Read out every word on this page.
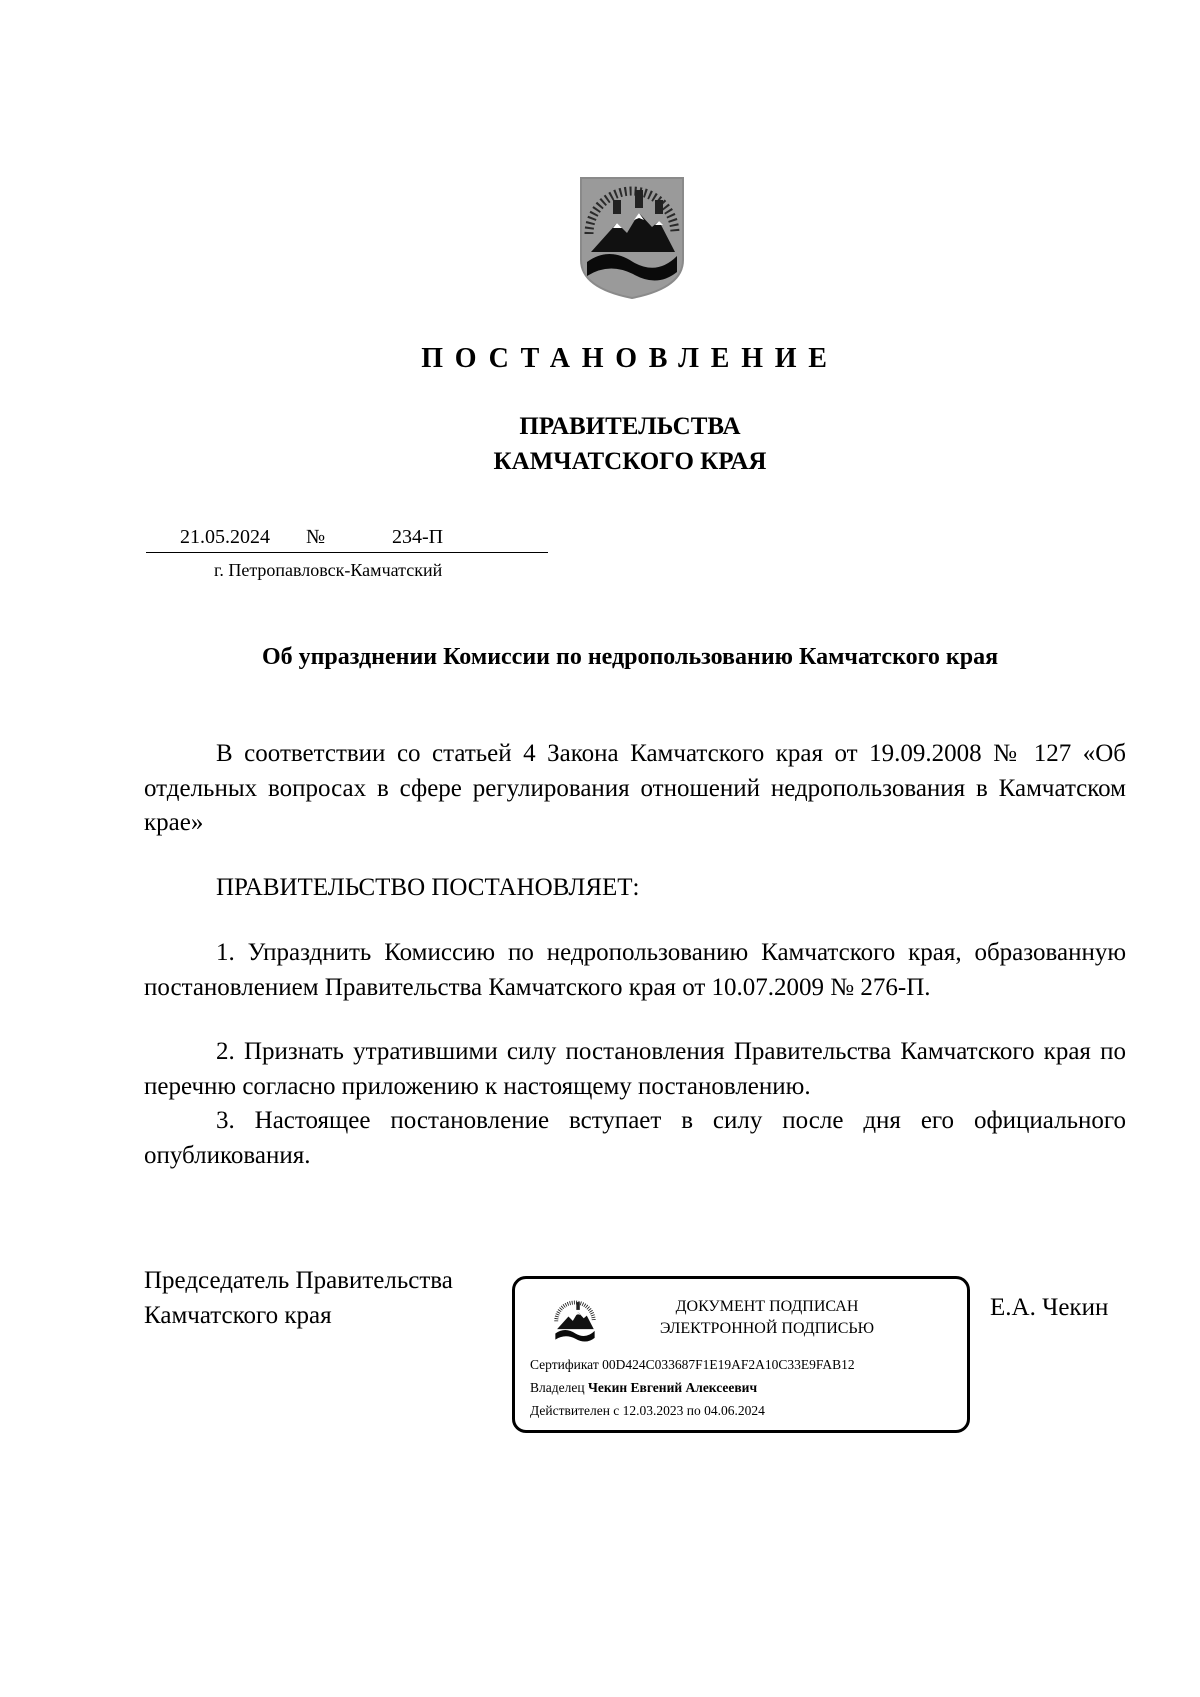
ПОСТАНОВЛЕНИЕ
ПРАВИТЕЛЬСТВА
КАМЧАТСКОГО КРАЯ
21.05.2024 №	234-П
г. Петропавловск-Камчатский
Об упразднении Комиссии по недропользованию Камчатского края

В соответствии со статьей 4 Закона Камчатского края от 19.09.2008 № 127 «Об отдельных вопросах в сфере регулирования отношений недропользования в Камчатском крае»

ПРАВИТЕЛЬСТВО ПОСТАНОВЛЯЕТ:

1. Упразднить Комиссию по недропользованию Камчатского края, образованную постановлением Правительства Камчатского края от 10.07.2009 № 276-П.

2. Признать утратившими силу постановления Правительства Камчатского края по перечню согласно приложению к настоящему постановлению.

3. Настоящее постановление вступает в силу после дня его официального опубликования.

Председатель Правительства
Камчатского края	ДОКУМЕНТ ПОДПИСАН
ЭЛЕКТРОННОЙ ПОДПИСЬЮ
Сертификат 00D424C033687F1E19AF2A10C33E9FAB12
Владелец Чекин Евгений Алексеевич
Действителен с 12.03.2023 по 04.06.2024
Е.А. Чекин
